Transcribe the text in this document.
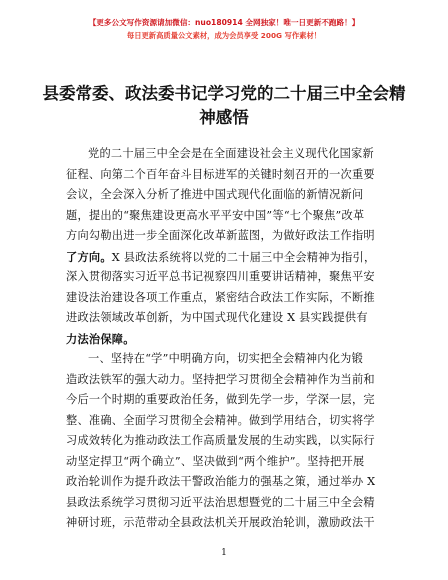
【更多公文写作资源请加微信：nuo180914 全网独家！唯一日更新不跑路！】
每日更新高质量公文素材，成为会员享受 200G 写作素材！
县委常委、政法委书记学习党的二十届三中全会精神感悟
党的二十届三中全会是在全面建设社会主义现代化国家新
征程、向第二个百年奋斗目标进军的关键时刻召开的一次重要
会议，全会深入分析了推进中国式现代化面临的新情况新问
题，提出的“聚焦建设更高水平平安中国”等“七个聚焦”改革
方向勾勒出进一步全面深化改革新蓝图，为做好政法工作指明
了方向。X 县政法系统将以党的二十届三中全会精神为指引，
深入贯彻落实习近平总书记视察四川重要讲话精神，聚焦平安
建设法治建设各项工作重点，紧密结合政法工作实际，不断推
进政法领域改革创新，为中国式现代化建设 X 县实践提供有
力法治保障。
一、坚持在“学”中明确方向，切实把全会精神内化为锻
造政法铁军的强大动力。坚持把学习贯彻全会精神作为当前和
今后一个时期的重要政治任务，做到先学一步，学深一层，完
整、准确、全面学习贯彻全会精神。做到学用结合，切实将学
习成效转化为推动政法工作高质量发展的生动实践，以实际行
动坚定捍卫“两个确立”、坚决做到“两个维护”。坚持把开展
政治轮训作为提升政法干警政治能力的强基之策，通过举办 X
县政法系统学习贯彻习近平法治思想暨党的二十届三中全会精
神研讨班，示范带动全县政法机关开展政治轮训，激励政法干
1
